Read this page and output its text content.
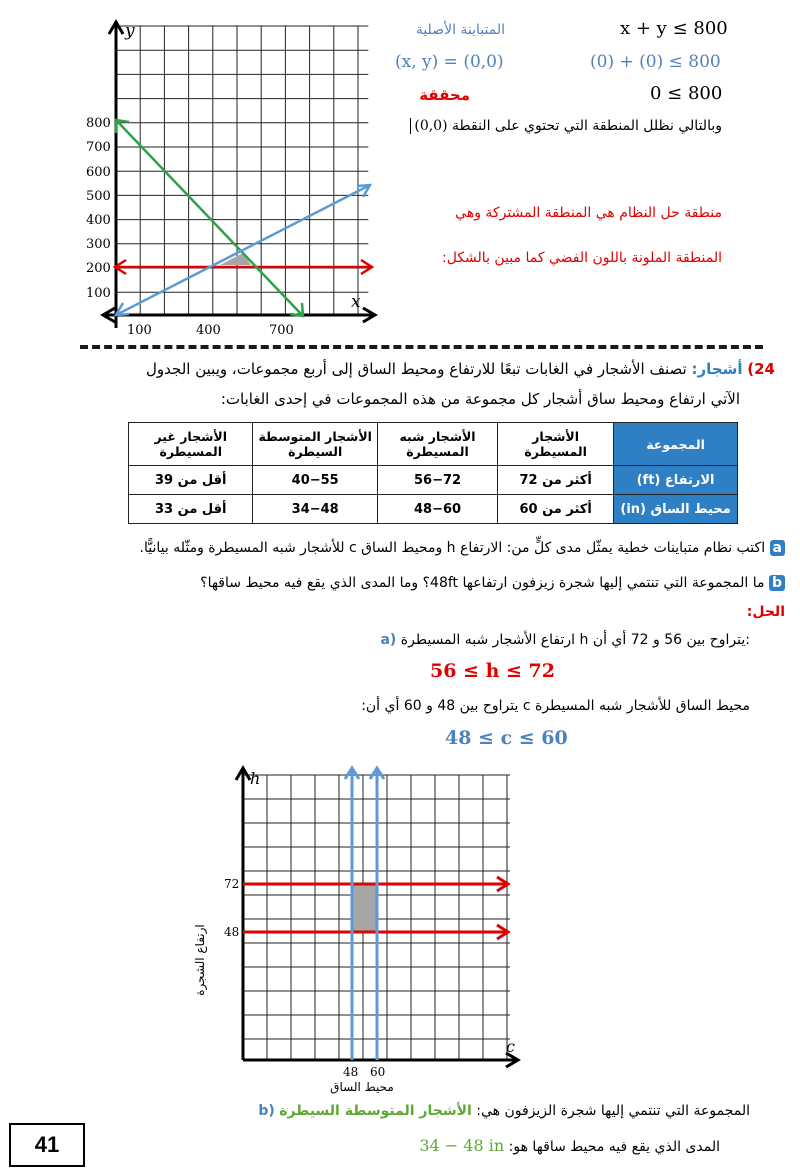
y
x
800
700
600
500
400
300
200
100
100	400	700
المتباينة الأصلية	x + y ≤ 800
(x, y) = (0,0)	(0) + (0) ≤ 800
محققة	0 ≤ 800
وبالتالي نظلل المنطقة التي تحتوي على النقطة (0,0)
منطقة حل النظام هي المنطقة المشتركة وهي
المنطقة الملونة باللون الفضي كما مبين بالشكل:
24) أشجار: تصنف الأشجار في الغابات تبعًا للارتفاع ومحيط الساق إلى أربع مجموعات، ويبين الجدول
الآتي ارتفاع ومحيط ساق أشجار كل مجموعة من هذه المجموعات في إحدى الغابات:
المجموعة	الأشجار المسيطرة	الأشجار شبه المسيطرة	الأشجار المتوسطة السيطرة	الأشجار غير المسيطرة
الارتفاع (ft)	أكثر من 72	56−72	40−55	أقل من 39
محيط الساق (in)	أكثر من 60	48−60	34−48	أقل من 33
a اكتب نظام متباينات خطية يمثّل مدى كلٍّ من: الارتفاع h ومحيط الساق c للأشجار شبه المسيطرة ومثّله بيانيًّا.
b ما المجموعة التي تنتمي إليها شجرة زيزفون ارتفاعها 48ft؟ وما المدى الذي يقع فيه محيط ساقها؟
الحل:
a) ارتفاع الأشجار شبه المسيطرة h يتراوح بين 56 و 72 أي أن:
56 ≤ h ≤ 72
محيط الساق للأشجار شبه المسيطرة c يتراوح بين 48 و 60 أي أن:
48 ≤ c ≤ 60
h
c
72
48
48 60
محيط الساق
ارتفاع الشجرة
b)	المجموعة التي تنتمي إليها شجرة الزيزفون هي: الأشجار المتوسطة السيطرة
المدى الذي يقع فيه محيط ساقها هو: 34 − 48 in
41
